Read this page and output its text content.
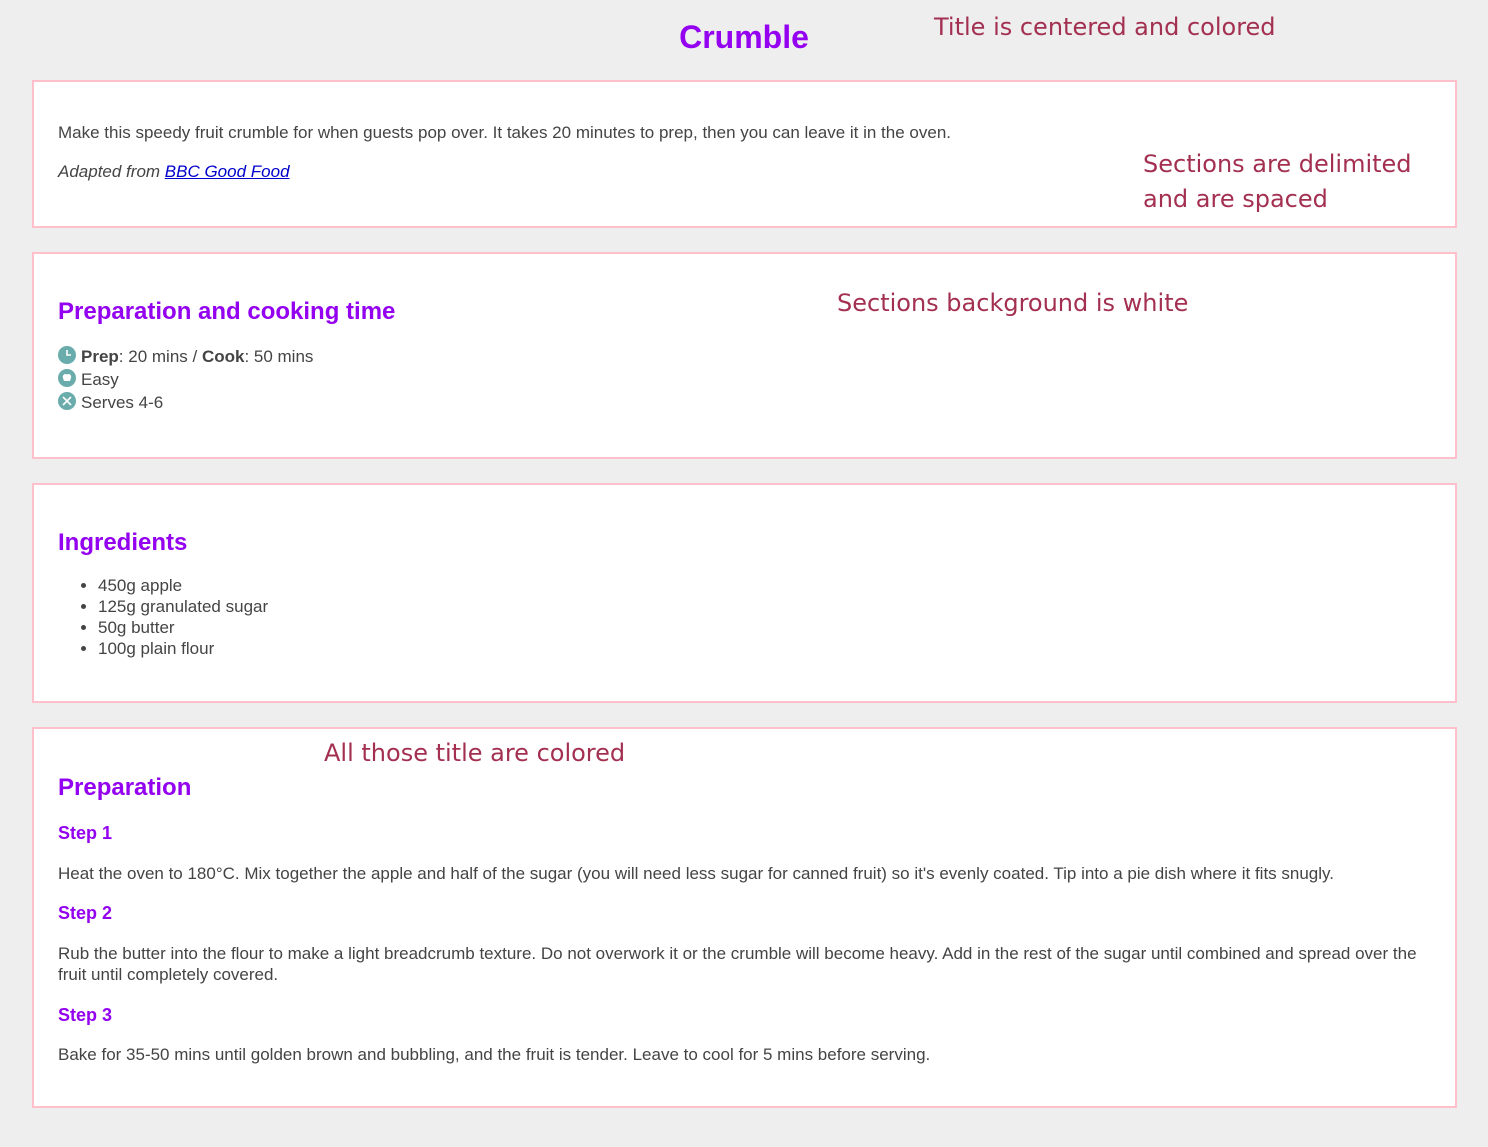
Crumble	Title is centered and colored

Make this speedy fruit crumble for when guests pop over. It takes 20 minutes to prep, then you can leave it in the oven.

Adapted from BBC Good Food	Sections are delimited
and are spaced

Preparation and cooking time
Prep: 20 mins / Cook: 50 mins
Easy
Serves 4-6

Sections background is white

Ingredients
• 450g apple
• 125g granulated sugar
• 50g butter
• 100g plain flour
Preparation
Step 1

Heat the oven to 180°C. Mix together the apple and half of the sugar (you will need less sugar for canned fruit) so it's evenly coated. Tip into a pie dish where it fits snugly.

Step 2

Rub the butter into the flour to make a light breadcrumb texture. Do not overwork it or the crumble will become heavy. Add in the rest of the sugar until combined and spread over the fruit until completely covered.

Step 3

Bake for 35-50 mins until golden brown and bubbling, and the fruit is tender. Leave to cool for 5 mins before serving.

All those title are colored
